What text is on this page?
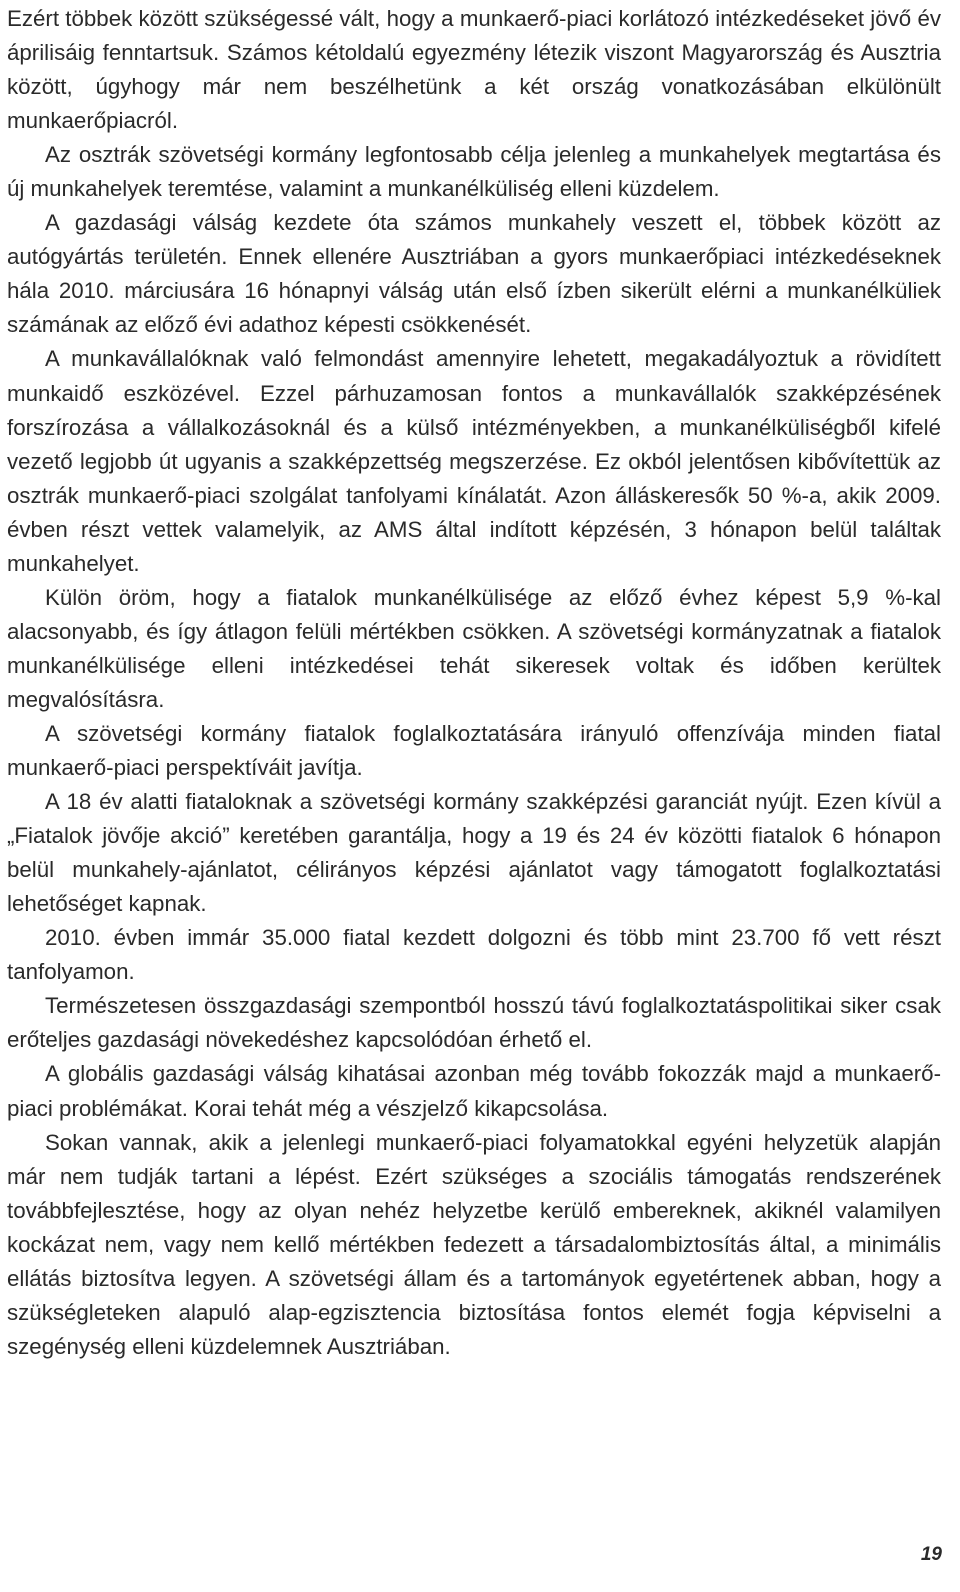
Ezért többek között szükségessé vált, hogy a munkaerő-piaci korlátozó intézkedéseket jövő év áprilisáig fenntartsuk. Számos kétoldalú egyezmény létezik viszont Magyarország és Ausztria között, úgyhogy már nem beszélhetünk a két ország vonatkozásában elkülönült munkaerőpiacról.

Az osztrák szövetségi kormány legfontosabb célja jelenleg a munkahelyek megtartása és új munkahelyek teremtése, valamint a munkanélküliség elleni küzdelem.

A gazdasági válság kezdete óta számos munkahely veszett el, többek között az autógyártás területén. Ennek ellenére Ausztriában a gyors munkaerőpiaci intézkedéseknek hála 2010. márciusára 16 hónapnyi válság után első ízben sikerült elérni a munkanélküliek számának az előző évi adathoz képesti csökkenését.

A munkavállalóknak való felmondást amennyire lehetett, megakadályoztuk a rövidített munkaidő eszközével. Ezzel párhuzamosan fontos a munkavállalók szakképzésének forszírozása a vállalkozásoknál és a külső intézményekben, a munkanélküliségből kifelé vezető legjobb út ugyanis a szakképzettség megszerzése. Ez okból jelentősen kibővítettük az osztrák munkaerő-piaci szolgálat tanfolyami kínálatát. Azon álláskeresők 50 %-a, akik 2009. évben részt vettek valamelyik, az AMS által indított képzésén, 3 hónapon belül találtak munkahelyet.

Külön öröm, hogy a fiatalok munkanélkülisége az előző évhez képest 5,9 %-kal alacsonyabb, és így átlagon felüli mértékben csökken. A szövetségi kormányzatnak a fiatalok munkanélkülisége elleni intézkedései tehát sikeresek voltak és időben kerültek megvalósításra.

A szövetségi kormány fiatalok foglalkoztatására irányuló offenzívája minden fiatal munkaerő-piaci perspektíváit javítja.

A 18 év alatti fiataloknak a szövetségi kormány szakképzési garanciát nyújt. Ezen kívül a „Fiatalok jövője akció” keretében garantálja, hogy a 19 és 24 év közötti fiatalok 6 hónapon belül munkahely-ajánlatot, célirányos képzési ajánlatot vagy támogatott foglalkoztatási lehetőséget kapnak.

2010. évben immár 35.000 fiatal kezdett dolgozni és több mint 23.700 fő vett részt tanfolyamon.

Természetesen összgazdasági szempontból hosszú távú foglalkoztatáspolitikai siker csak erőteljes gazdasági növekedéshez kapcsolódóan érhető el.

A globális gazdasági válság kihatásai azonban még tovább fokozzák majd a munkaerő-piaci problémákat. Korai tehát még a vészjelző kikapcsolása.

Sokan vannak, akik a jelenlegi munkaerő-piaci folyamatokkal egyéni helyzetük alapján már nem tudják tartani a lépést. Ezért szükséges a szociális támogatás rendszerének továbbfejlesztése, hogy az olyan nehéz helyzetbe kerülő embereknek, akiknél valamilyen kockázat nem, vagy nem kellő mértékben fedezett a társadalombiztosítás által, a minimális ellátás biztosítva legyen. A szövetségi állam és a tartományok egyetértenek abban, hogy a szükségleteken alapuló alap-egzisztencia biztosítása fontos elemét fogja képviselni a szegénység elleni küzdelemnek Ausztriában.

19
